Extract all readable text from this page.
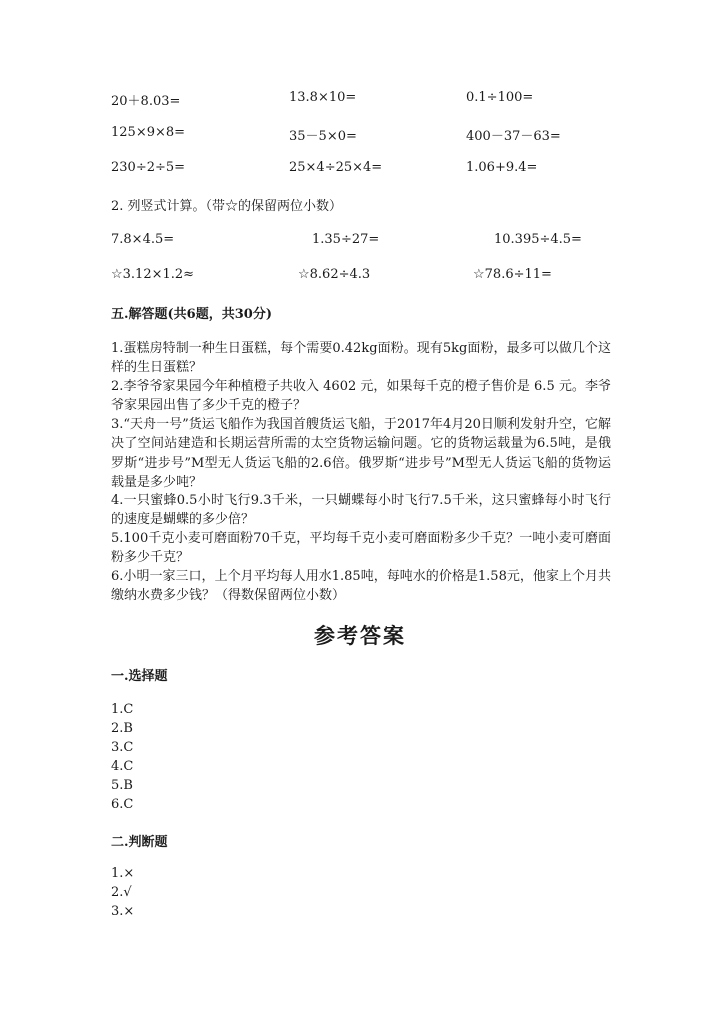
20＋8.03=	13.8×10=	0.1÷100=
125×9×8=	35－5×0=	400－37－63=
230÷2÷5=	25×4÷25×4=	1.06+9.4=
2. 列竖式计算。（带☆的保留两位小数）
7.8×4.5=	1.35÷27=	10.395÷4.5=
☆3.12×1.2≈	☆8.62÷4.3	☆78.6÷11=
五.解答题(共6题，共30分)
1.蛋糕房特制一种生日蛋糕，每个需要0.42kg面粉。现有5kg面粉，最多可以做几个这样的生日蛋糕？
2.李爷爷家果园今年种植橙子共收入 4602 元，如果每千克的橙子售价是 6.5 元。李爷爷家果园出售了多少千克的橙子？
3.“天舟一号”货运飞船作为我国首艘货运飞船，于2017年4月20日顺利发射升空，它解决了空间站建造和长期运营所需的太空货物运输问题。它的货物运载量为6.5吨，是俄罗斯“进步号”M型无人货运飞船的2.6倍。俄罗斯“进步号”M型无人货运飞船的货物运载量是多少吨？
4.一只蜜蜂0.5小时飞行9.3千米，一只蝴蝶每小时飞行7.5千米，这只蜜蜂每小时飞行的速度是蝴蝶的多少倍？
5.100千克小麦可磨面粉70千克，平均每千克小麦可磨面粉多少千克？一吨小麦可磨面粉多少千克？
6.小明一家三口，上个月平均每人用水1.85吨，每吨水的价格是1.58元，他家上个月共缴纳水费多少钱？（得数保留两位小数）
参考答案
一.选择题
1.C
2.B
3.C
4.C
5.B
6.C
二.判断题
1.×
2.√
3.×
